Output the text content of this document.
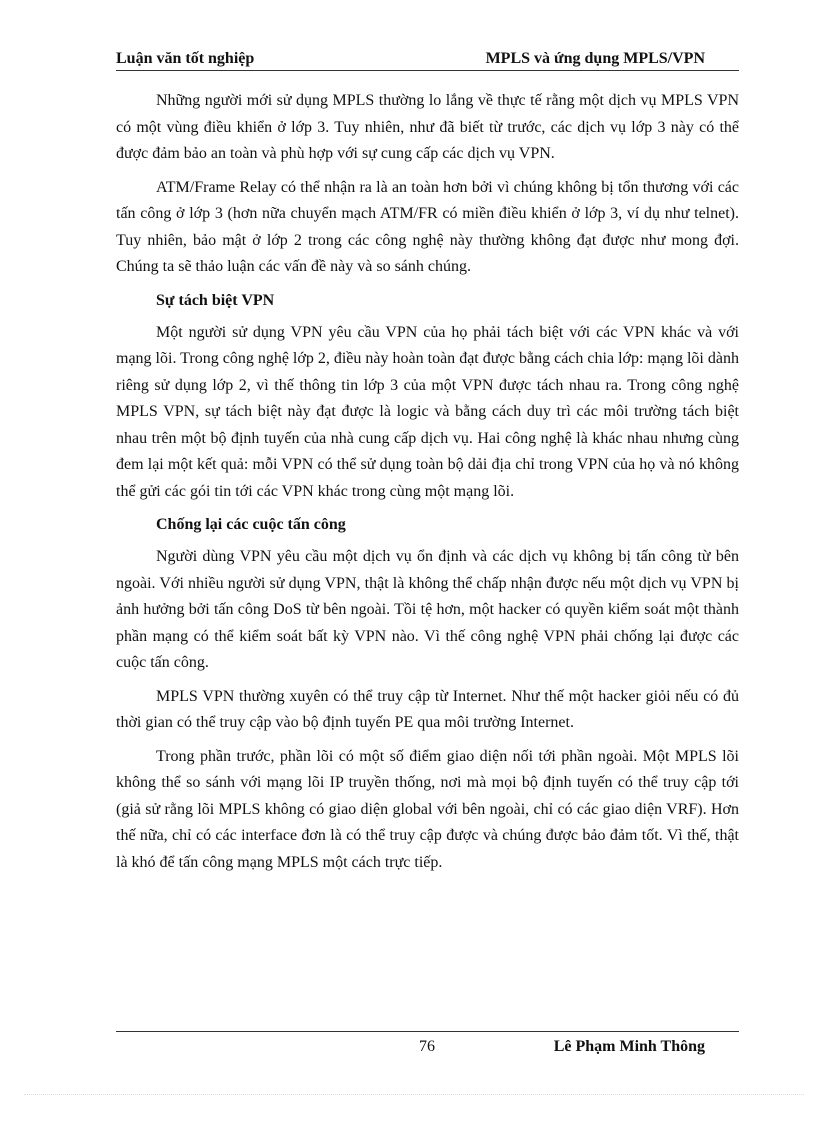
Luận văn tốt nghiệp	MPLS và ứng dụng MPLS/VPN

Những người mới sử dụng MPLS thường lo lắng về thực tế rằng một dịch vụ MPLS VPN có một vùng điều khiển ở lớp 3. Tuy nhiên, như đã biết từ trước, các dịch vụ lớp 3 này có thể được đảm bảo an toàn và phù hợp với sự cung cấp các dịch vụ VPN.

ATM/Frame Relay có thể nhận ra là an toàn hơn bởi vì chúng không bị tổn thương với các tấn công ở lớp 3 (hơn nữa chuyển mạch ATM/FR có miền điều khiển ở lớp 3, ví dụ như telnet). Tuy nhiên, bảo mật ở lớp 2 trong các công nghệ này thường không đạt được như mong đợi. Chúng ta sẽ thảo luận các vấn đề này và so sánh chúng.

Sự tách biệt VPN

Một người sử dụng VPN yêu cầu VPN của họ phải tách biệt với các VPN khác và với mạng lõi. Trong công nghệ lớp 2, điều này hoàn toàn đạt được bằng cách chia lớp: mạng lõi dành riêng sử dụng lớp 2, vì thế thông tin lớp 3 của một VPN được tách nhau ra. Trong công nghệ MPLS VPN, sự tách biệt này đạt được là logic và bằng cách duy trì các môi trường tách biệt nhau trên một bộ định tuyến của nhà cung cấp dịch vụ. Hai công nghệ là khác nhau nhưng cùng đem lại một kết quả: mỗi VPN có thể sử dụng toàn bộ dải địa chỉ trong VPN của họ và nó không thể gửi các gói tin tới các VPN khác trong cùng một mạng lõi.

Chống lại các cuộc tấn công

Người dùng VPN yêu cầu một dịch vụ ổn định và các dịch vụ không bị tấn công từ bên ngoài. Với nhiều người sử dụng VPN, thật là không thể chấp nhận được nếu một dịch vụ VPN bị ảnh hưởng bởi tấn công DoS từ bên ngoài. Tồi tệ hơn, một hacker có quyền kiểm soát một thành phần mạng có thể kiểm soát bất kỳ VPN nào. Vì thế công nghệ VPN phải chống lại được các cuộc tấn công.

MPLS VPN thường xuyên có thể truy cập từ Internet. Như thế một hacker giỏi nếu có đủ thời gian có thể truy cập vào bộ định tuyến PE qua môi trường Internet.

Trong phần trước, phần lõi có một số điểm giao diện nối tới phần ngoài. Một MPLS lõi không thể so sánh với mạng lõi IP truyền thống, nơi mà mọi bộ định tuyến có thể truy cập tới (giả sử rằng lõi MPLS không có giao diện global với bên ngoài, chỉ có các giao diện VRF). Hơn thế nữa, chỉ có các interface đơn là có thể truy cập được và chúng được bảo đảm tốt. Vì thế, thật là khó để tấn công mạng MPLS một cách trực tiếp.

76	Lê Phạm Minh Thông
